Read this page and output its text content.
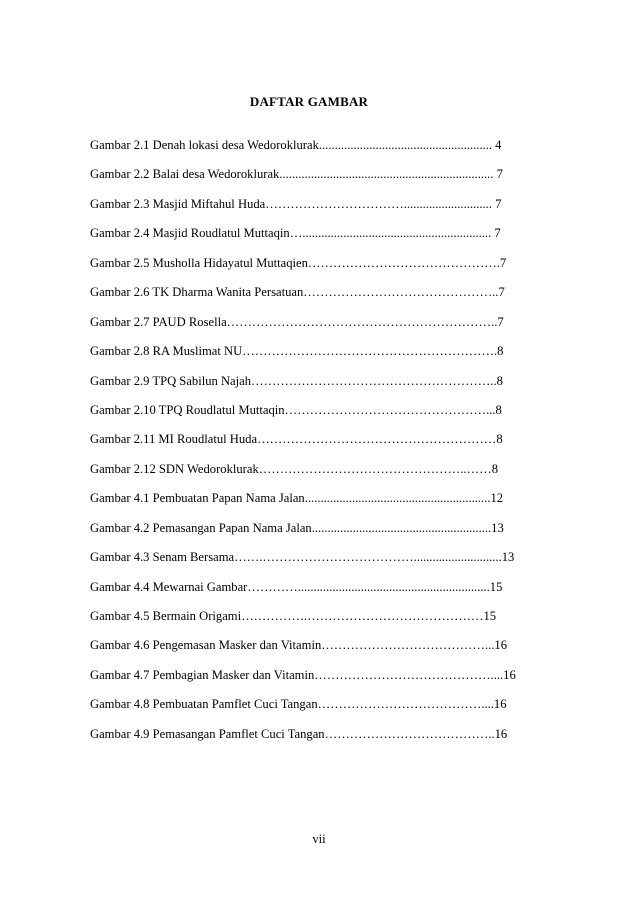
DAFTAR GAMBAR
Gambar 2.1 Denah lokasi desa Wedoroklurak....................................................... 4
Gambar 2.2 Balai desa Wedoroklurak.................................................................... 7
Gambar 2.3 Masjid Miftahul Huda……………………………............................ 7
Gambar 2.4 Masjid Roudlatul Muttaqin…............................................................ 7
Gambar 2.5 Musholla Hidayatul Muttaqien……………………………………….7
Gambar 2.6 TK Dharma Wanita Persatuan………………………………………..7
Gambar 2.7 PAUD Rosella………………………………………………………..7
Gambar 2.8 RA Muslimat NU…………………………………………………….8
Gambar 2.9 TPQ Sabilun Najah…………………………………………………..8
Gambar 2.10 TPQ Roudlatul Muttaqin…………………………………………...8
Gambar 2.11 MI Roudlatul Huda…………………………………………………8
Gambar 2.12 SDN Wedoroklurak…………………………………………..……8
Gambar 4.1 Pembuatan Papan Nama Jalan...........................................................12
Gambar 4.2 Pemasangan Papan Nama Jalan.........................................................13
Gambar 4.3 Senam Bersama…….………………………………............................13
Gambar 4.4 Mewarnai Gambar………….............................................................15
Gambar 4.5 Bermain Origami…………….……………………………………15
Gambar 4.6 Pengemasan Masker dan Vitamin…………………………………...16
Gambar 4.7 Pembagian Masker dan Vitamin……………………………………....16
Gambar 4.8 Pembuatan Pamflet Cuci Tangan…………………………………....16
Gambar 4.9 Pemasangan Pamflet Cuci Tangan…………………………………..16
vii
